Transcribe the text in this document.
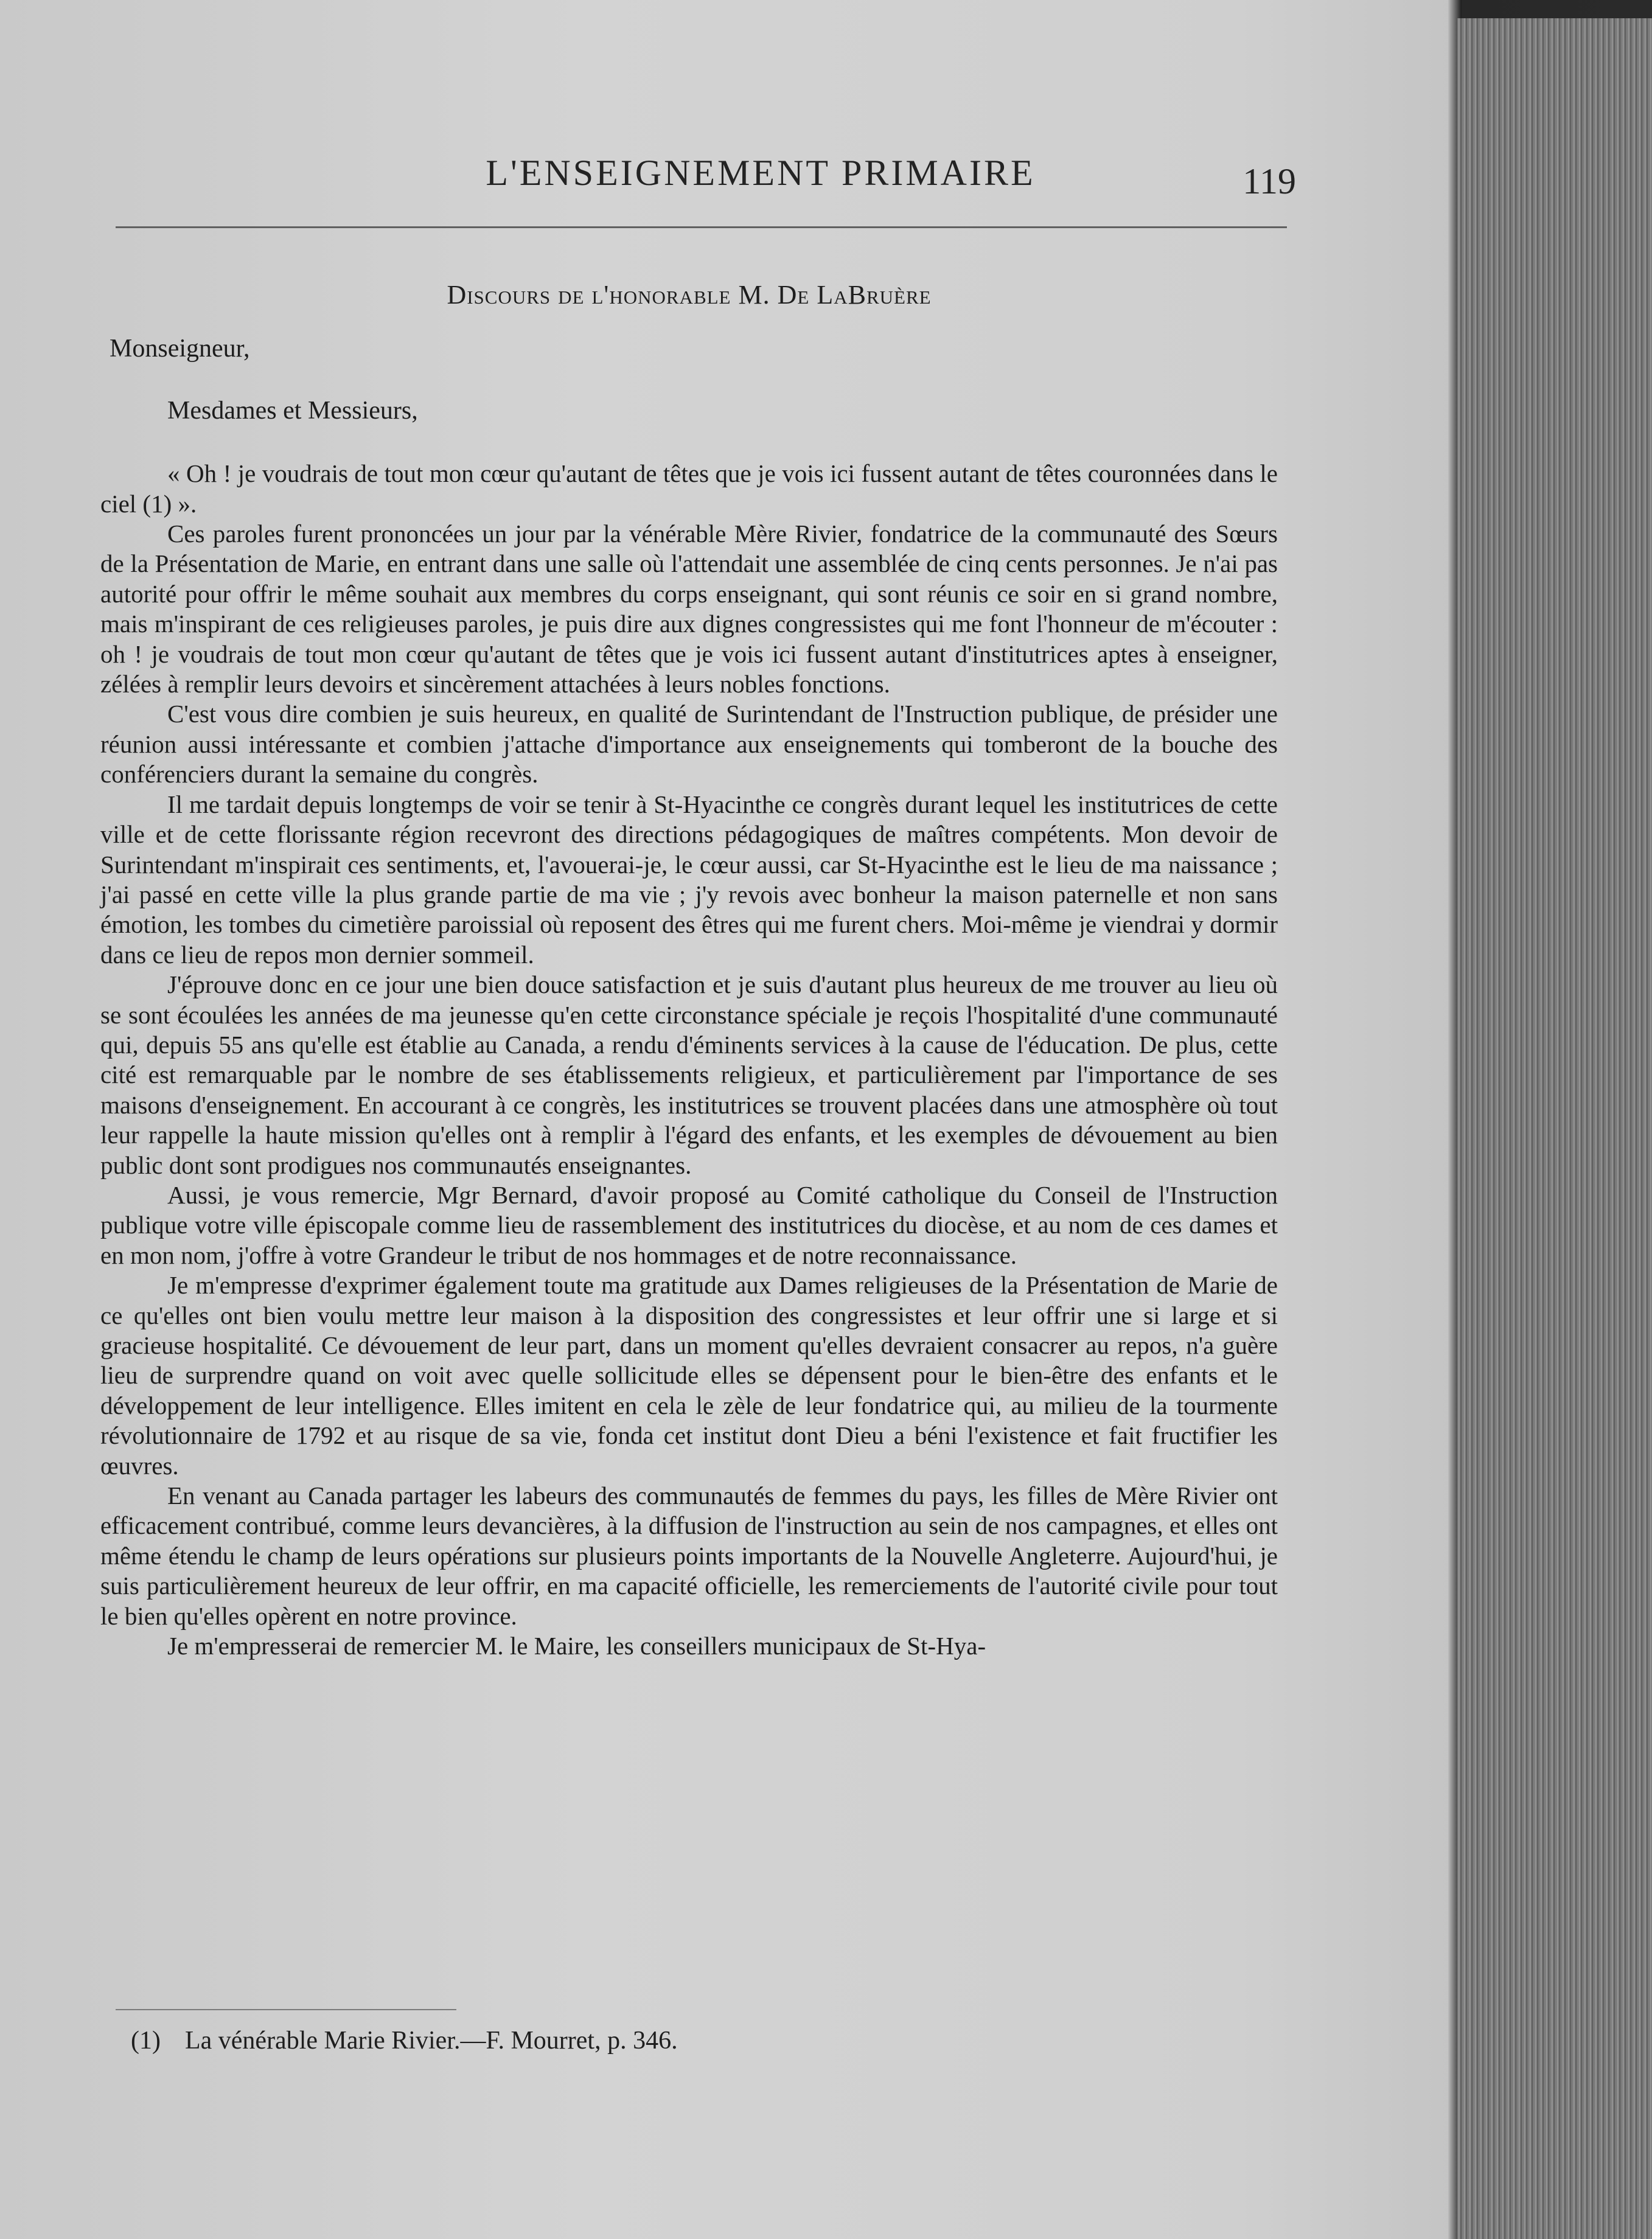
L'ENSEIGNEMENT PRIMAIRE	119
Discours de l'honorable M. De LaBruère

Monseigneur,

Mesdames et Messieurs,

« Oh ! je voudrais de tout mon cœur qu'autant de têtes que je vois ici fussent autant de têtes couronnées dans le ciel (1) ».

Ces paroles furent prononcées un jour par la vénérable Mère Rivier, fondatrice de la communauté des Sœurs de la Présentation de Marie, en entrant dans une salle où l'attendait une assemblée de cinq cents personnes. Je n'ai pas autorité pour offrir le même souhait aux membres du corps enseignant, qui sont réunis ce soir en si grand nombre, mais m'inspirant de ces religieuses paroles, je puis dire aux dignes congressistes qui me font l'honneur de m'écouter : oh ! je voudrais de tout mon cœur qu'autant de têtes que je vois ici fussent autant d'institutrices aptes à enseigner, zélées à remplir leurs devoirs et sincèrement attachées à leurs nobles fonctions.

C'est vous dire combien je suis heureux, en qualité de Surintendant de l'Instruction publique, de présider une réunion aussi intéressante et combien j'attache d'importance aux enseignements qui tomberont de la bouche des conférenciers durant la semaine du congrès.

Il me tardait depuis longtemps de voir se tenir à St-Hyacinthe ce congrès durant lequel les institutrices de cette ville et de cette florissante région recevront des directions pédagogiques de maîtres compétents. Mon devoir de Surintendant m'inspirait ces sentiments, et, l'avouerai-je, le cœur aussi, car St-Hyacinthe est le lieu de ma naissance ; j'ai passé en cette ville la plus grande partie de ma vie ; j'y revois avec bonheur la maison paternelle et non sans émotion, les tombes du cimetière paroissial où reposent des êtres qui me furent chers. Moi-même je viendrai y dormir dans ce lieu de repos mon dernier sommeil.

J'éprouve donc en ce jour une bien douce satisfaction et je suis d'autant plus heureux de me trouver au lieu où se sont écoulées les années de ma jeunesse qu'en cette circonstance spéciale je reçois l'hospitalité d'une communauté qui, depuis 55 ans qu'elle est établie au Canada, a rendu d'éminents services à la cause de l'éducation. De plus, cette cité est remarquable par le nombre de ses établissements religieux, et particulièrement par l'importance de ses maisons d'enseignement. En accourant à ce congrès, les institutrices se trouvent placées dans une atmosphère où tout leur rappelle la haute mission qu'elles ont à remplir à l'égard des enfants, et les exemples de dévouement au bien public dont sont prodigues nos communautés enseignantes.

Aussi, je vous remercie, Mgr Bernard, d'avoir proposé au Comité catholique du Conseil de l'Instruction publique votre ville épiscopale comme lieu de rassemblement des institutrices du diocèse, et au nom de ces dames et en mon nom, j'offre à votre Grandeur le tribut de nos hommages et de notre reconnaissance.

Je m'empresse d'exprimer également toute ma gratitude aux Dames religieuses de la Présentation de Marie de ce qu'elles ont bien voulu mettre leur maison à la disposition des congressistes et leur offrir une si large et si gracieuse hospitalité. Ce dévouement de leur part, dans un moment qu'elles devraient consacrer au repos, n'a guère lieu de surprendre quand on voit avec quelle sollicitude elles se dépensent pour le bien-être des enfants et le développement de leur intelligence. Elles imitent en cela le zèle de leur fondatrice qui, au milieu de la tourmente révolutionnaire de 1792 et au risque de sa vie, fonda cet institut dont Dieu a béni l'existence et fait fructifier les œuvres.

En venant au Canada partager les labeurs des communautés de femmes du pays, les filles de Mère Rivier ont efficacement contribué, comme leurs devancières, à la diffusion de l'instruction au sein de nos campagnes, et elles ont même étendu le champ de leurs opérations sur plusieurs points importants de la Nouvelle Angleterre. Aujourd'hui, je suis particulièrement heureux de leur offrir, en ma capacité officielle, les remerciements de l'autorité civile pour tout le bien qu'elles opèrent en notre province.

Je m'empresserai de remercier M. le Maire, les conseillers municipaux de St-Hya-

(1) La vénérable Marie Rivier.—F. Mourret, p. 346.
